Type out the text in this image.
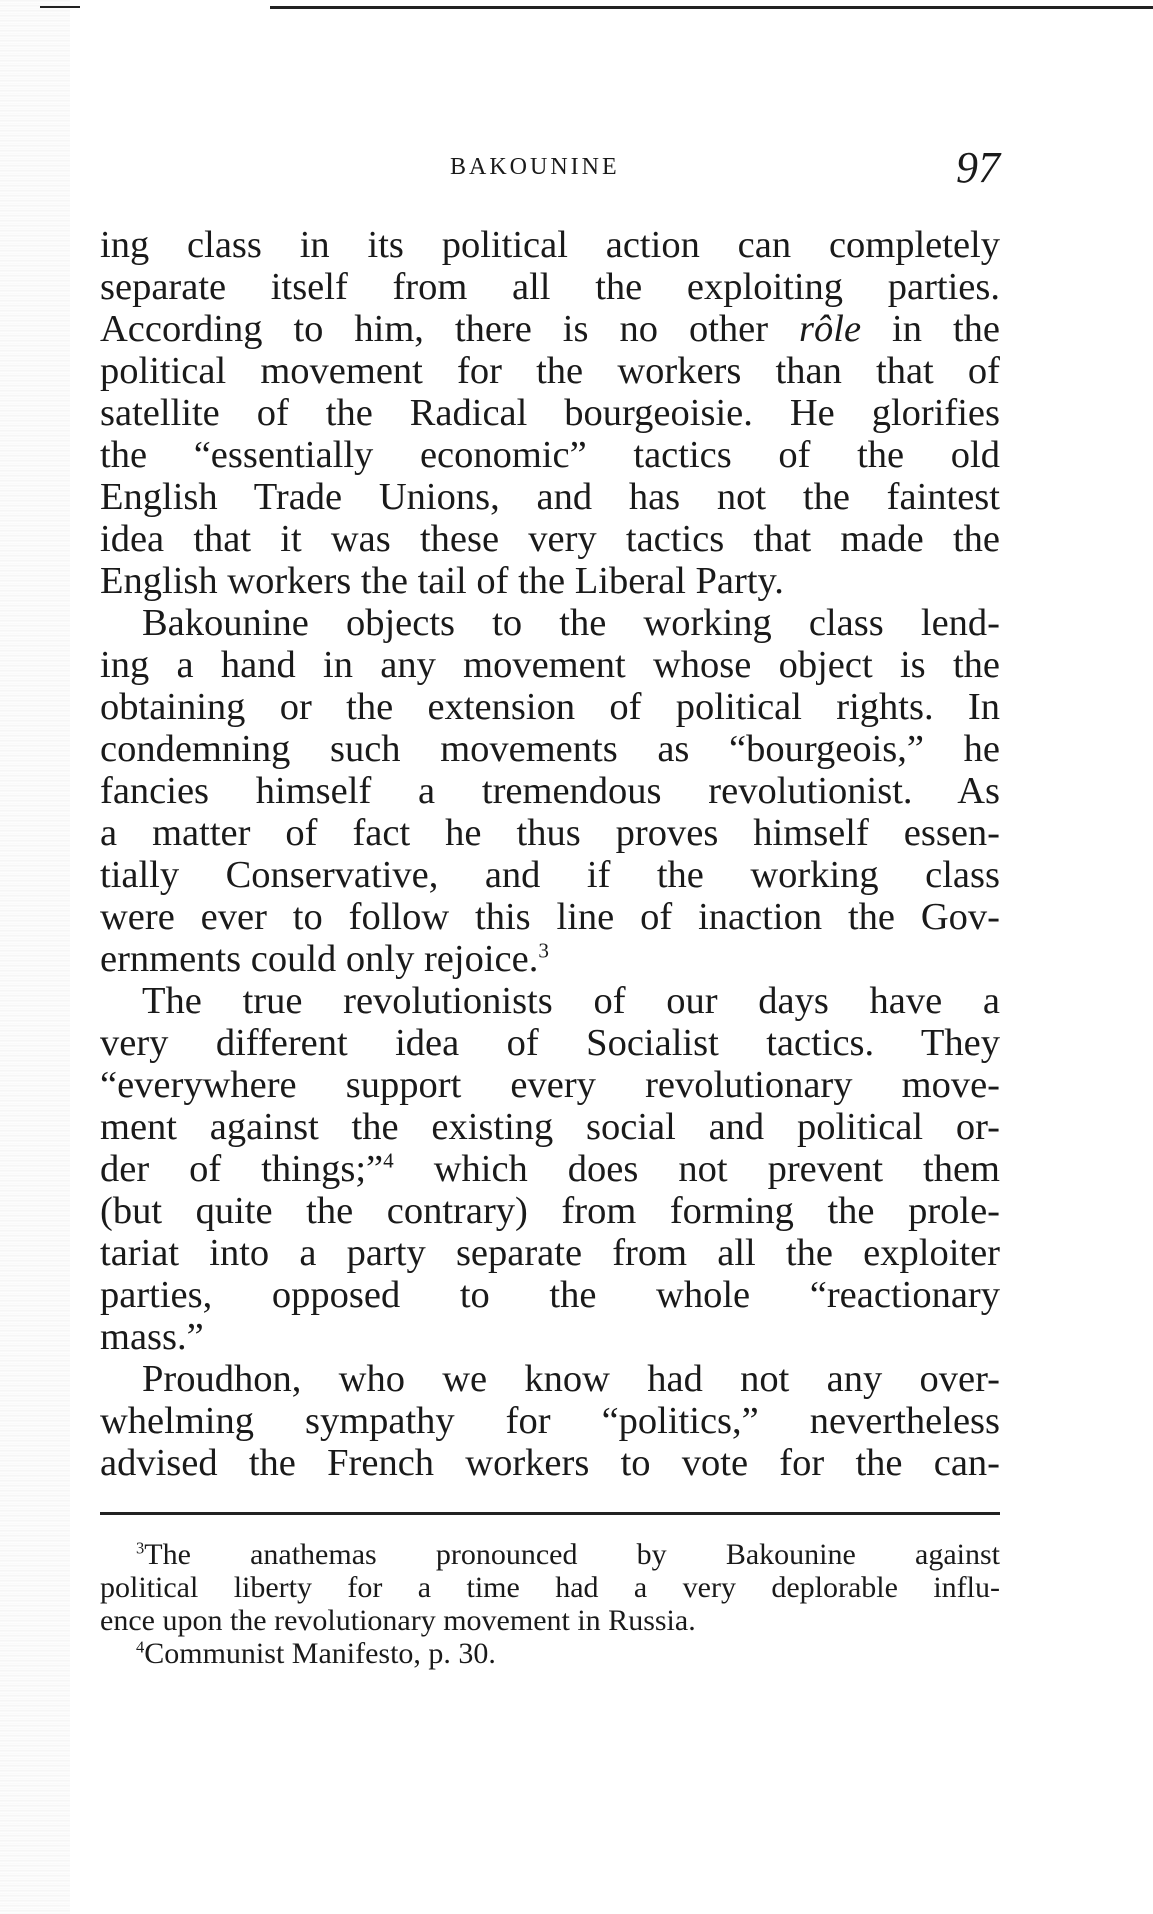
BAKOUNINE	97

ing class in its political action can completely

separate itself from all the exploiting parties.

According to him, there is no other rôle in the

political movement for the workers than that of

satellite of the Radical bourgeoisie. He glorifies

the “essentially economic” tactics of the old

English Trade Unions, and has not the faintest

idea that it was these very tactics that made the

English workers the tail of the Liberal Party.

Bakounine objects to the working class lend-

ing a hand in any movement whose object is the

obtaining or the extension of political rights. In

condemning such movements as “bourgeois,” he

fancies himself a tremendous revolutionist. As

a matter of fact he thus proves himself essen-

tially Conservative, and if the working class

were ever to follow this line of inaction the Gov-

ernments could only rejoice.$^3$

The true revolutionists of our days have a

very different idea of Socialist tactics. They

“everywhere support every revolutionary move-

ment against the existing social and political or-

der of things;”$^4$ which does not prevent them

(but quite the contrary) from forming the prole-

tariat into a party separate from all the exploiter

parties, opposed to the whole “reactionary

mass.”

Proudhon, who we know had not any over-

whelming sympathy for “politics,” nevertheless

advised the French workers to vote for the can-

$^3$The anathemas pronounced by Bakounine against

political liberty for a time had a very deplorable influ-

ence upon the revolutionary movement in Russia.

$^4$Communist Manifesto, p. 30.
